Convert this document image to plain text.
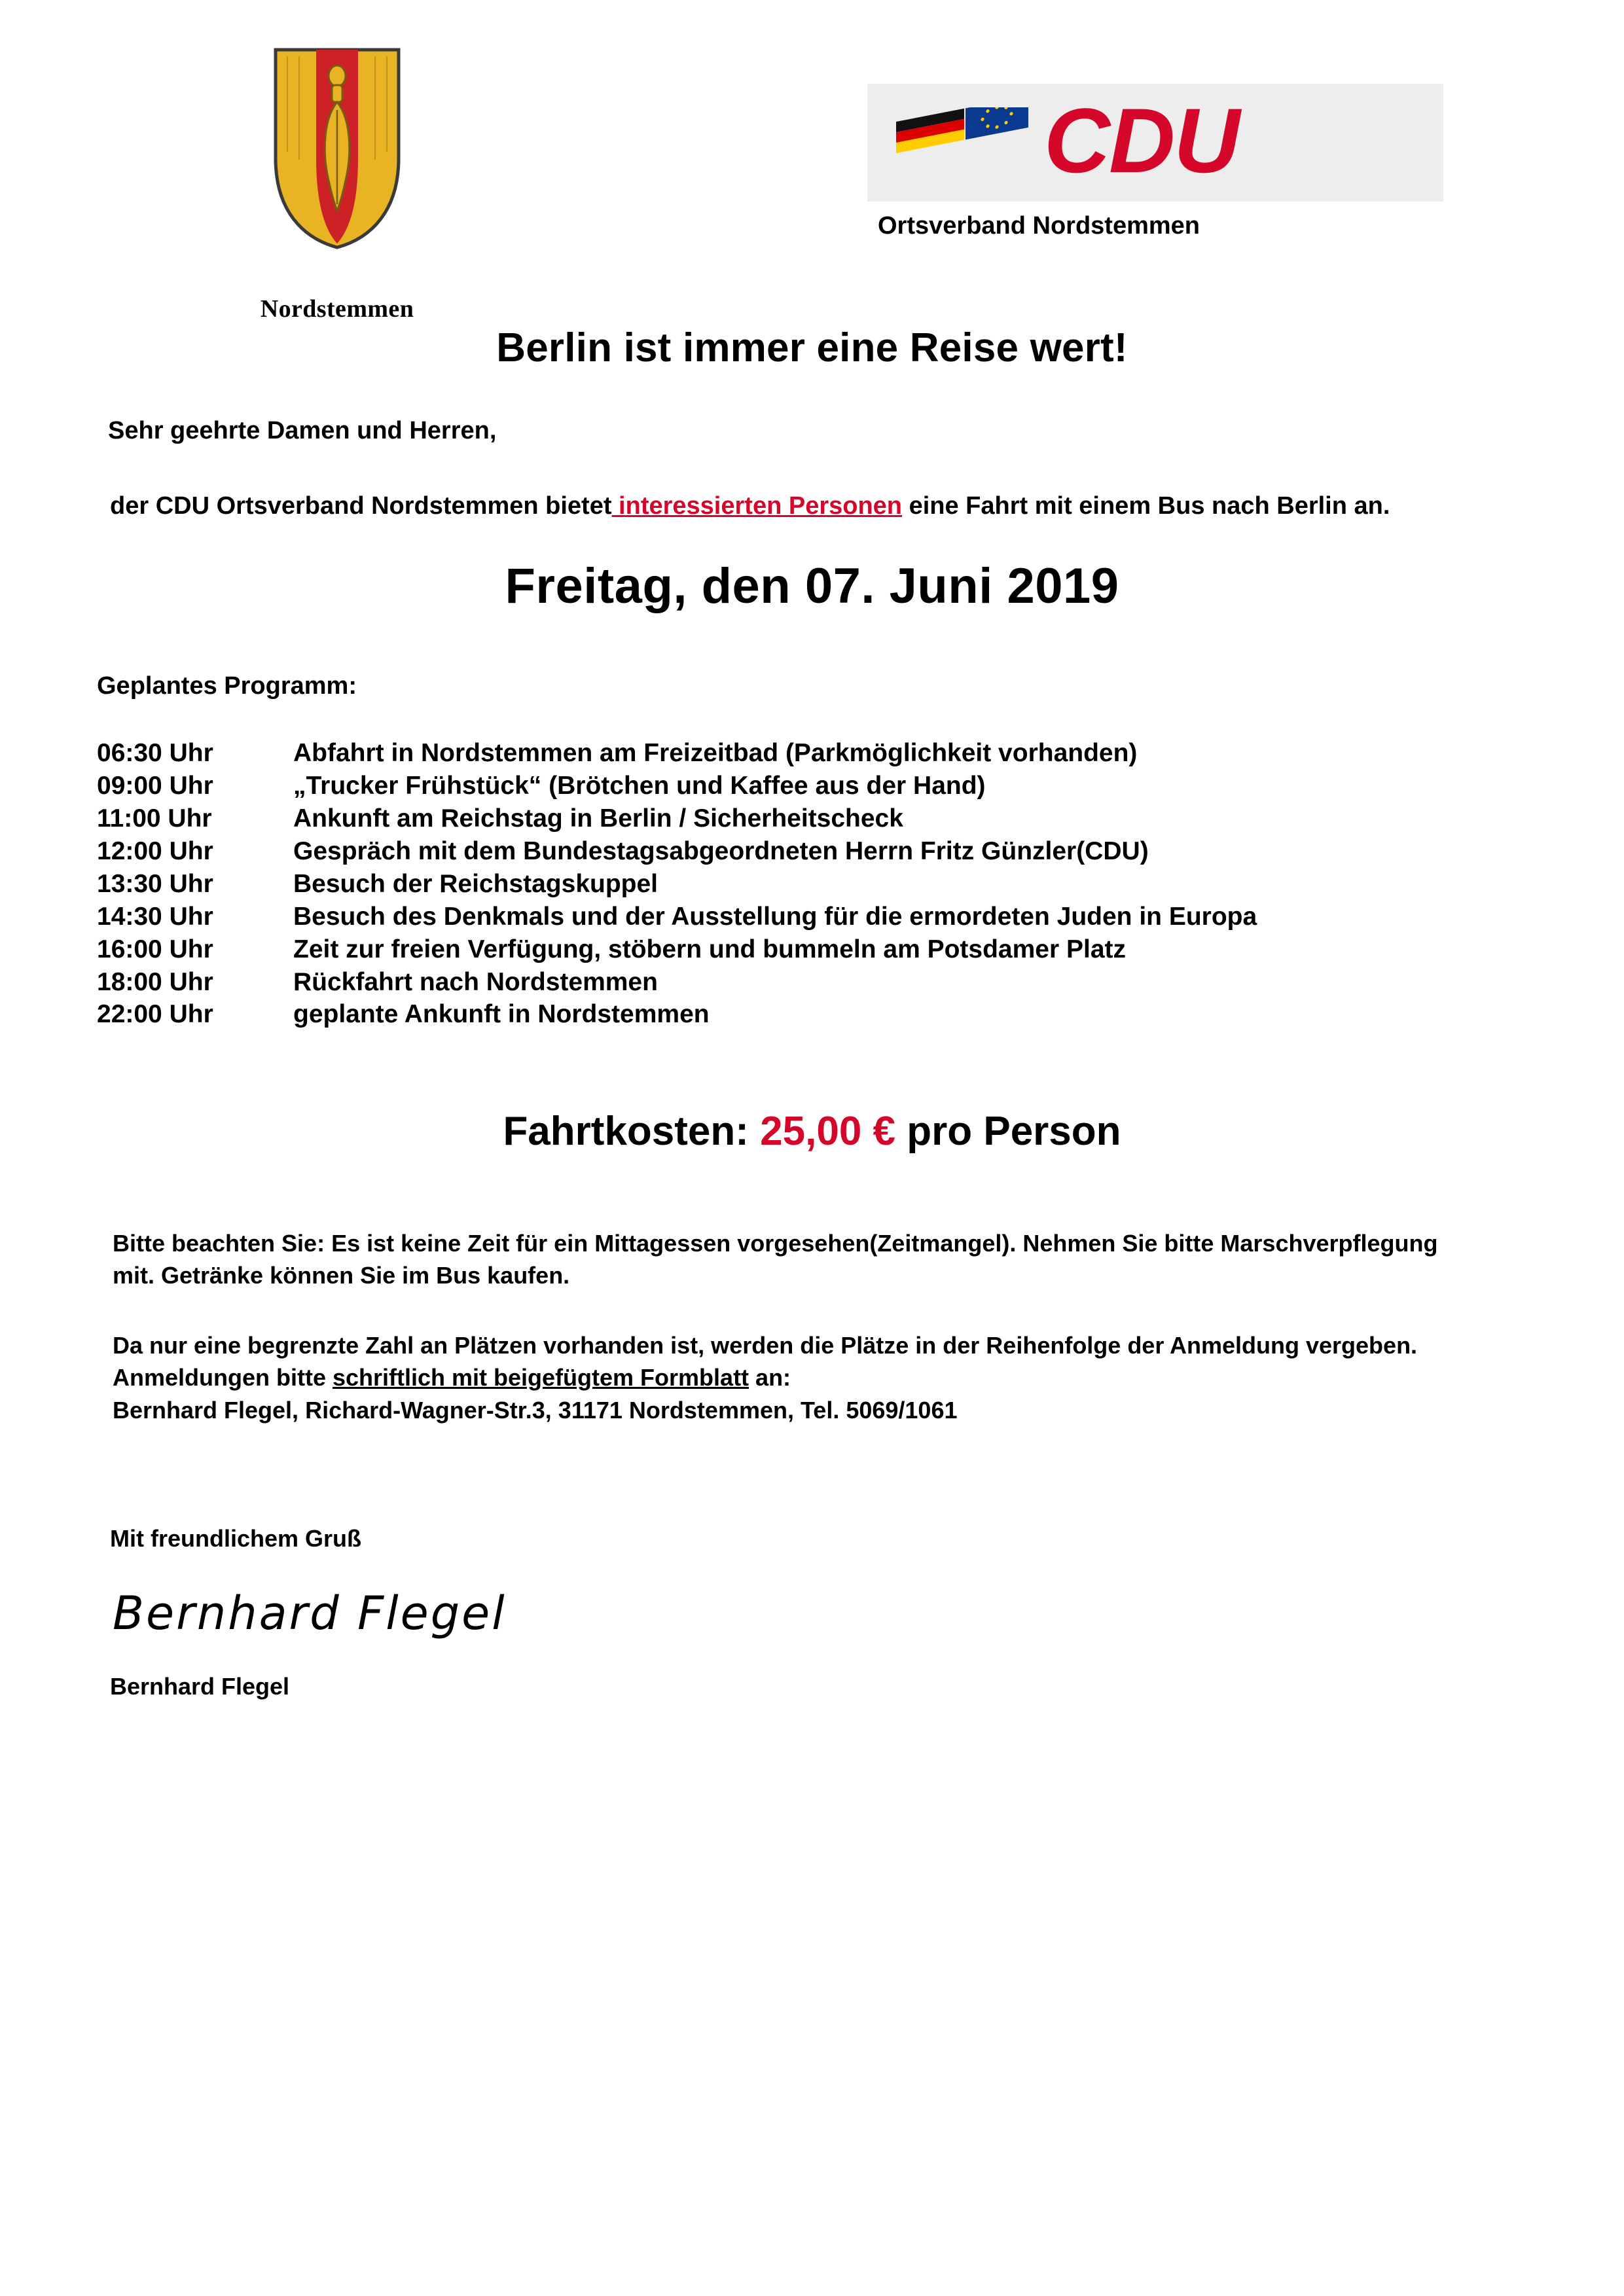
Nordstemmen
CDU
Ortsverband Nordstemmen
Berlin ist immer eine Reise wert!
Sehr geehrte Damen und Herren,
der CDU Ortsverband Nordstemmen bietet interessierten Personen eine Fahrt mit einem Bus nach Berlin an.
Freitag, den 07. Juni 2019
Geplantes Programm:
06:30 Uhr	Abfahrt in Nordstemmen am Freizeitbad (Parkmöglichkeit vorhanden)
09:00 Uhr	„Trucker Frühstück“ (Brötchen und Kaffee aus der Hand)
11:00 Uhr	Ankunft am Reichstag in Berlin / Sicherheitscheck
12:00 Uhr	Gespräch mit dem Bundestagsabgeordneten Herrn Fritz Günzler(CDU)
13:30 Uhr	Besuch der Reichstagskuppel
14:30 Uhr	Besuch des Denkmals und der Ausstellung für die ermordeten Juden in Europa
16:00 Uhr	Zeit zur freien Verfügung, stöbern und bummeln am Potsdamer Platz
18:00 Uhr	Rückfahrt nach Nordstemmen
22:00 Uhr	geplante Ankunft in Nordstemmen
Fahrtkosten: 25,00 € pro Person
Bitte beachten Sie: Es ist keine Zeit für ein Mittagessen vorgesehen(Zeitmangel). Nehmen Sie bitte Marschverpflegung mit. Getränke können Sie im Bus kaufen.
Da nur eine begrenzte Zahl an Plätzen vorhanden ist, werden die Plätze in der Reihenfolge der Anmeldung vergeben. Anmeldungen bitte schriftlich mit beigefügtem Formblatt an:
Bernhard Flegel, Richard-Wagner-Str.3, 31171 Nordstemmen, Tel. 5069/1061
Mit freundlichem Gruß
Bernhard Flegel
Bernhard Flegel
